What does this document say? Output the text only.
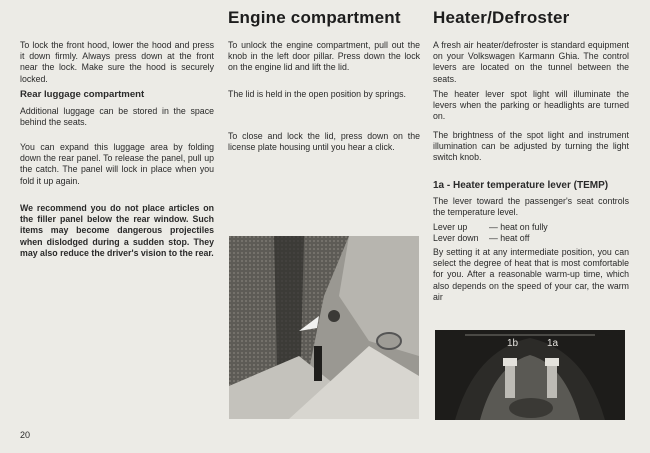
To lock the front hood, lower the hood and press it down firmly. Always press down at the front near the lock. Make sure the hood is securely locked.

Rear luggage compartment

Additional luggage can be stored in the space behind the seats.

You can expand this luggage area by folding down the rear panel. To release the panel, pull up the catch. The panel will lock in place when you fold it up again.

We recommend you do not place articles on the filler panel below the rear window. Such items may become dangerous projectiles when dislodged during a sudden stop. They may also reduce the driver's vision to the rear.

Engine compartment

To unlock the engine compartment, pull out the knob in the left door pillar. Press down the lock on the engine lid and lift the lid.

The lid is held in the open position by springs.

To close and lock the lid, press down on the license plate housing until you hear a click.

Heater/Defroster

A fresh air heater/defroster is standard equipment on your Volkswagen Karmann Ghia. The control levers are located on the tunnel between the seats.

The heater lever spot light will illuminate the levers when the parking or headlights are turned on.

The brightness of the spot light and instrument illumination can be adjusted by turning the light switch knob.

1a - Heater temperature lever (TEMP)

The lever toward the passenger's seat controls the temperature level.

Lever up	— heat on fully
Lever down	— heat off

By setting it at any intermediate position, you can select the degree of heat that is most comfortable for you. After a reasonable warm-up time, which also depends on the speed of your car, the warm air

1b	1a
20
